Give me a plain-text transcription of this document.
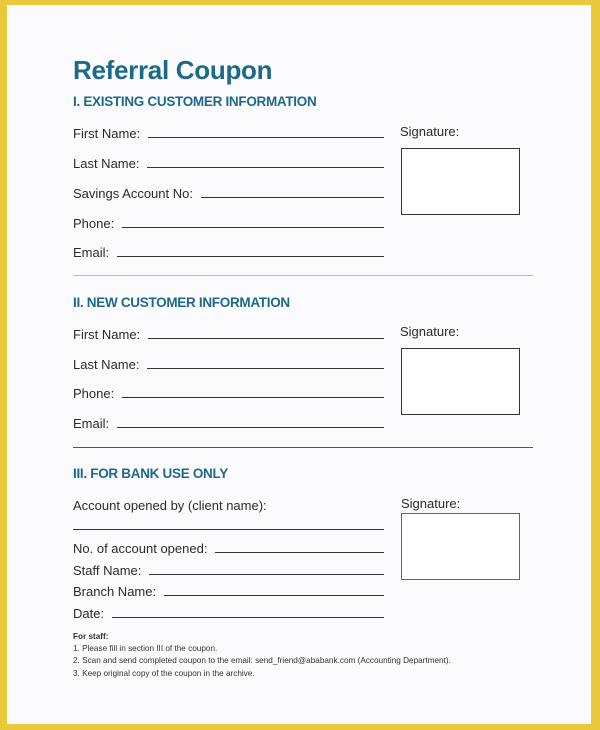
Referral Coupon
I. EXISTING CUSTOMER INFORMATION
First Name:
Last Name:
Savings Account No:
Phone:
Email:
Signature:
II. NEW CUSTOMER INFORMATION
First Name:
Last Name:
Phone:
Email:
Signature:
III. FOR BANK USE ONLY
Account opened by (client name):
No. of account opened:
Staff Name:
Branch Name:
Date:
Signature:
For staff:
1. Please fill in section III of the coupon.
2. Scan and send completed coupon to the email: send_friend@ababank.com (Accounting Department).
3. Keep original copy of the coupon in the archive.
